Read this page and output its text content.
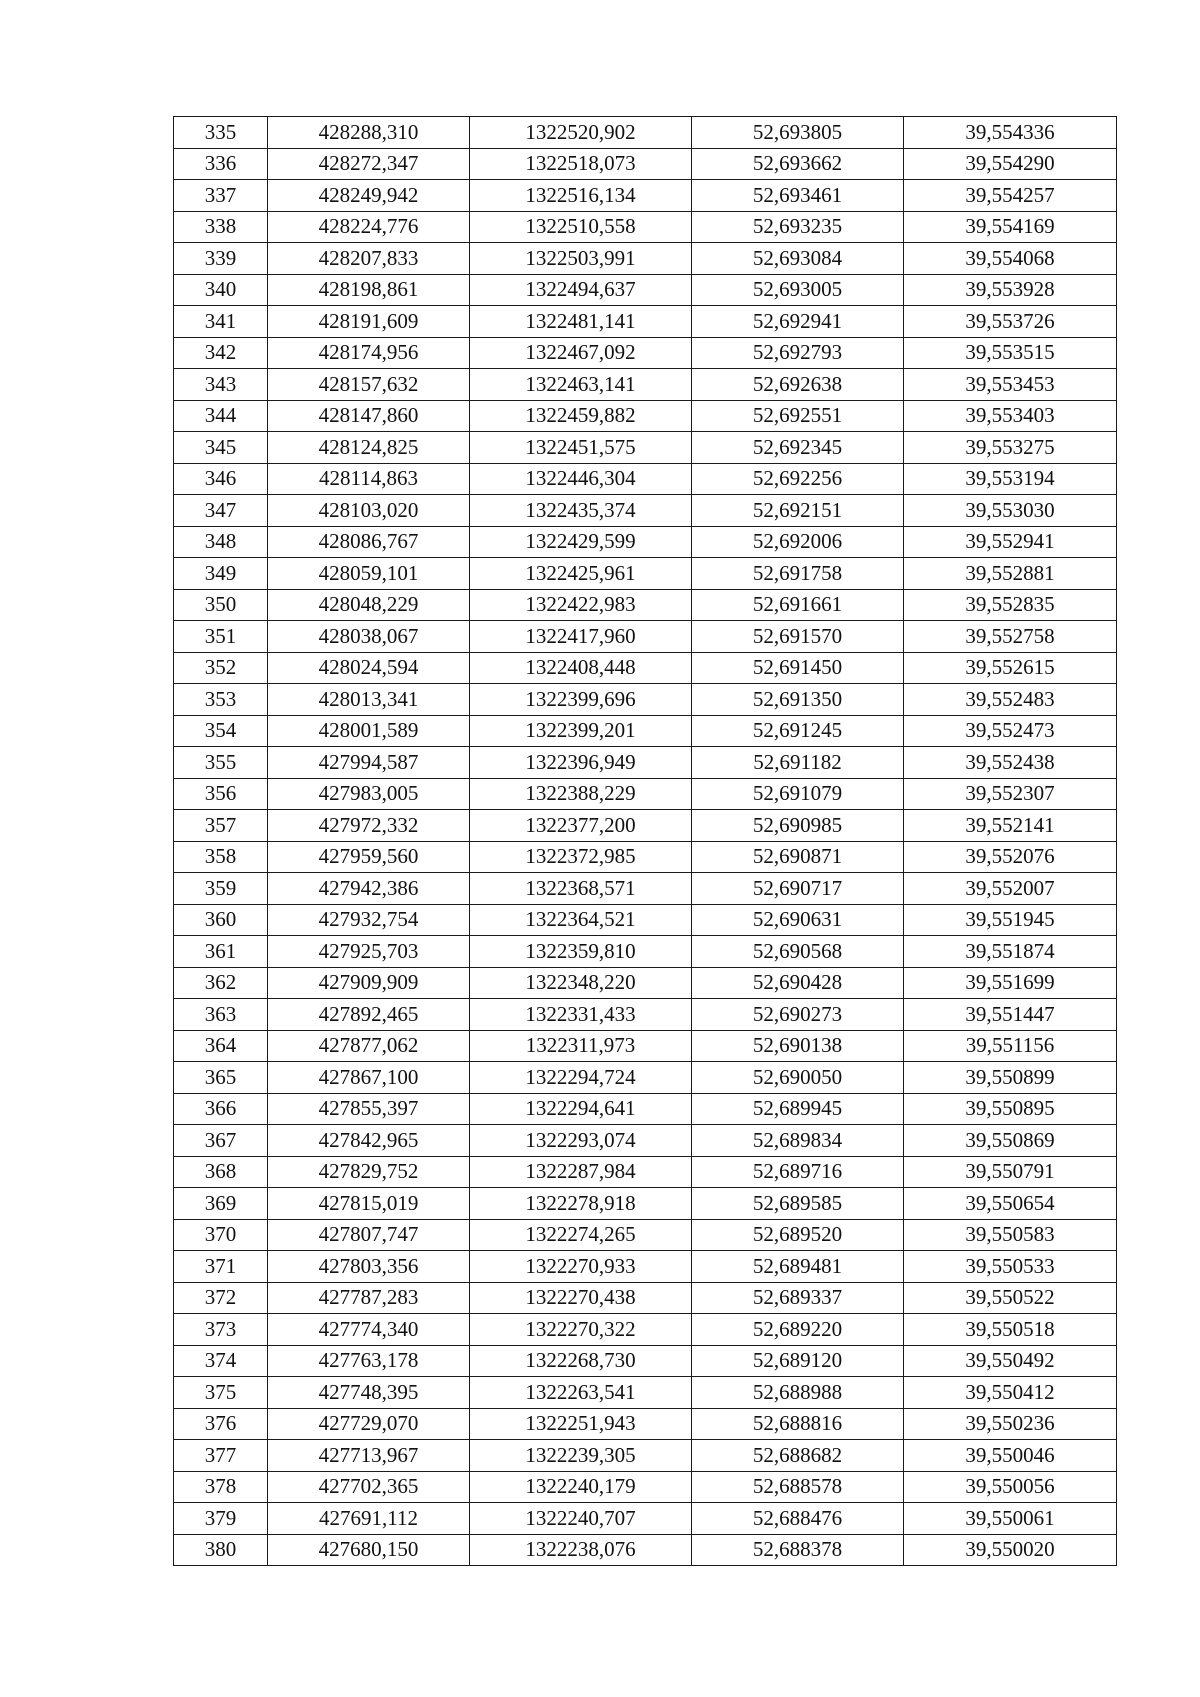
335	428288,310	1322520,902	52,693805	39,554336
336	428272,347	1322518,073	52,693662	39,554290
337	428249,942	1322516,134	52,693461	39,554257
338	428224,776	1322510,558	52,693235	39,554169
339	428207,833	1322503,991	52,693084	39,554068
340	428198,861	1322494,637	52,693005	39,553928
341	428191,609	1322481,141	52,692941	39,553726
342	428174,956	1322467,092	52,692793	39,553515
343	428157,632	1322463,141	52,692638	39,553453
344	428147,860	1322459,882	52,692551	39,553403
345	428124,825	1322451,575	52,692345	39,553275
346	428114,863	1322446,304	52,692256	39,553194
347	428103,020	1322435,374	52,692151	39,553030
348	428086,767	1322429,599	52,692006	39,552941
349	428059,101	1322425,961	52,691758	39,552881
350	428048,229	1322422,983	52,691661	39,552835
351	428038,067	1322417,960	52,691570	39,552758
352	428024,594	1322408,448	52,691450	39,552615
353	428013,341	1322399,696	52,691350	39,552483
354	428001,589	1322399,201	52,691245	39,552473
355	427994,587	1322396,949	52,691182	39,552438
356	427983,005	1322388,229	52,691079	39,552307
357	427972,332	1322377,200	52,690985	39,552141
358	427959,560	1322372,985	52,690871	39,552076
359	427942,386	1322368,571	52,690717	39,552007
360	427932,754	1322364,521	52,690631	39,551945
361	427925,703	1322359,810	52,690568	39,551874
362	427909,909	1322348,220	52,690428	39,551699
363	427892,465	1322331,433	52,690273	39,551447
364	427877,062	1322311,973	52,690138	39,551156
365	427867,100	1322294,724	52,690050	39,550899
366	427855,397	1322294,641	52,689945	39,550895
367	427842,965	1322293,074	52,689834	39,550869
368	427829,752	1322287,984	52,689716	39,550791
369	427815,019	1322278,918	52,689585	39,550654
370	427807,747	1322274,265	52,689520	39,550583
371	427803,356	1322270,933	52,689481	39,550533
372	427787,283	1322270,438	52,689337	39,550522
373	427774,340	1322270,322	52,689220	39,550518
374	427763,178	1322268,730	52,689120	39,550492
375	427748,395	1322263,541	52,688988	39,550412
376	427729,070	1322251,943	52,688816	39,550236
377	427713,967	1322239,305	52,688682	39,550046
378	427702,365	1322240,179	52,688578	39,550056
379	427691,112	1322240,707	52,688476	39,550061
380	427680,150	1322238,076	52,688378	39,550020
